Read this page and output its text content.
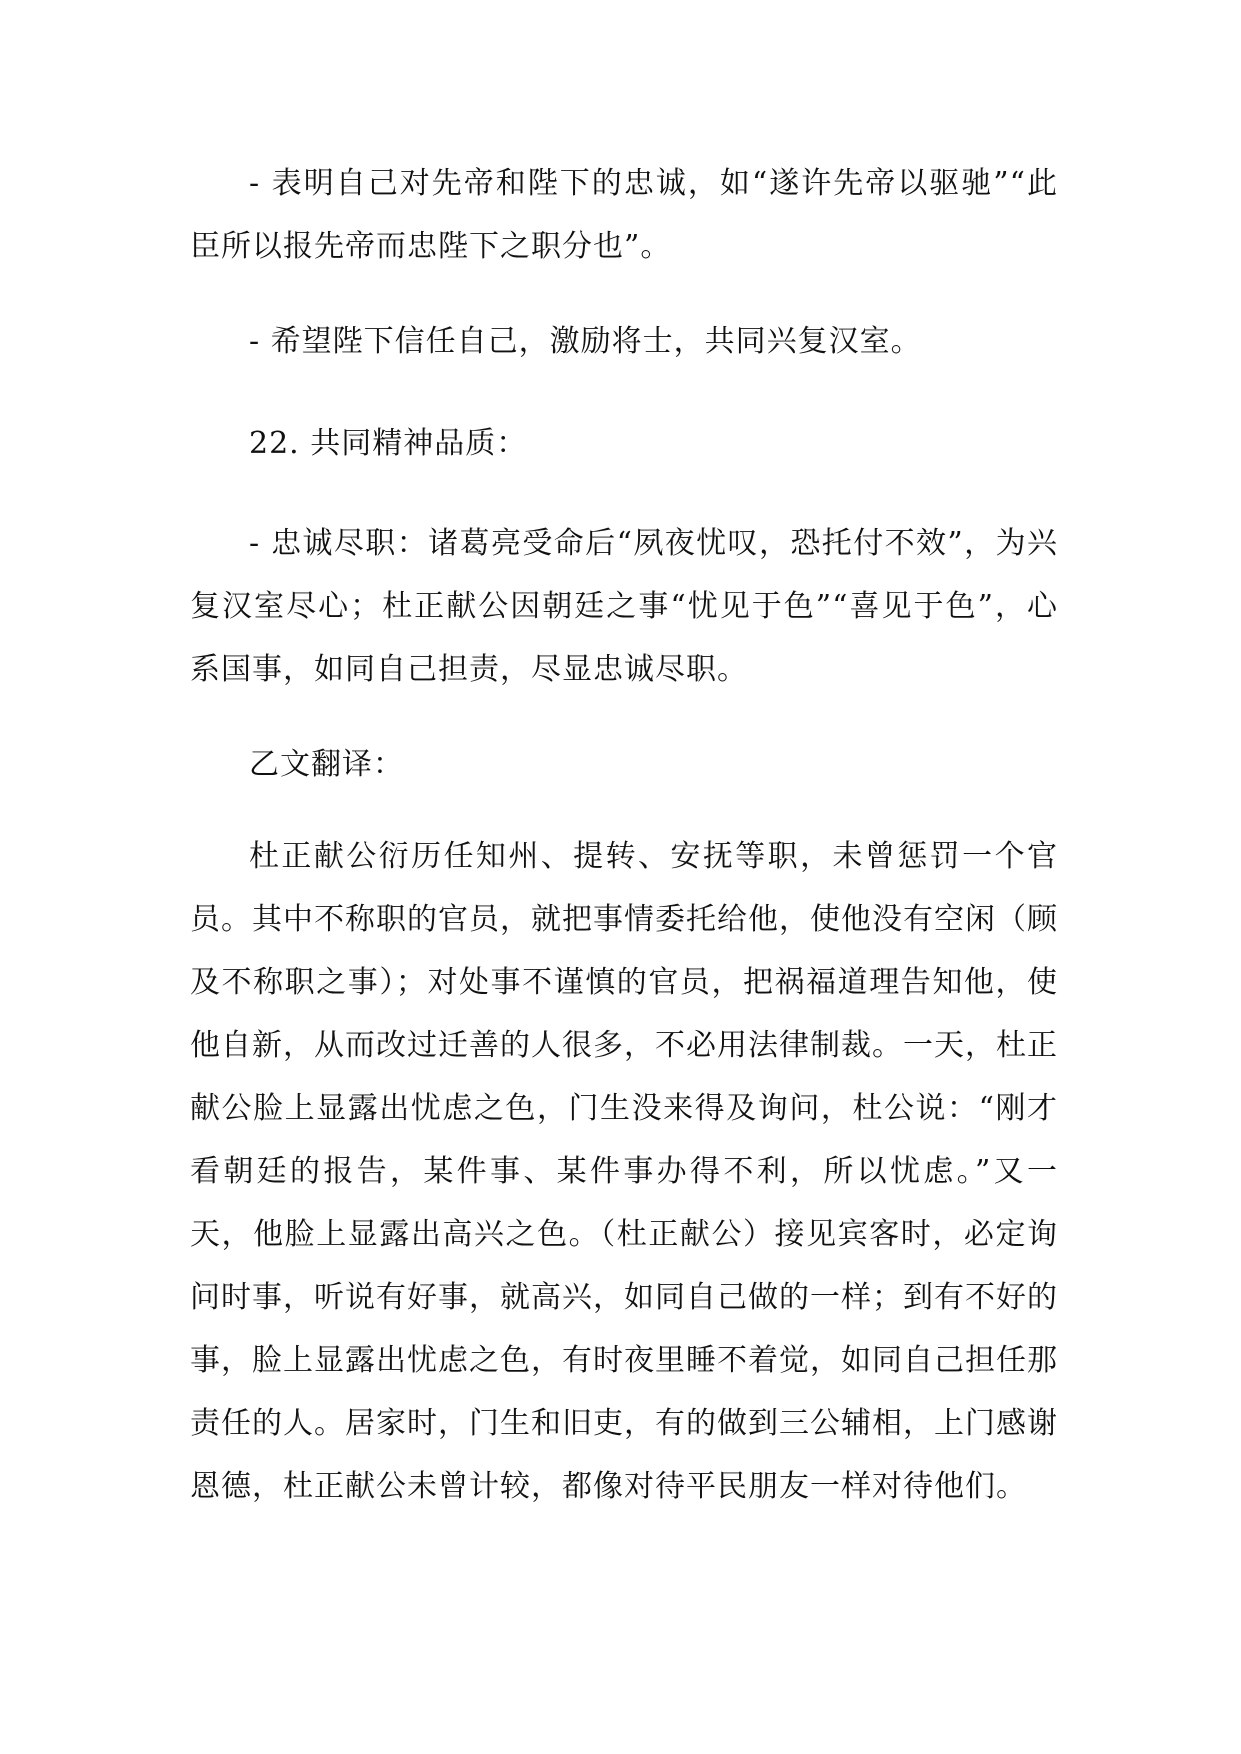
- 表明自己对先帝和陛下的忠诚，如“遂许先帝以驱驰”“此臣所以报先帝而忠陛下之职分也”。

- 希望陛下信任自己，激励将士，共同兴复汉室。

22. 共同精神品质：

- 忠诚尽职：诸葛亮受命后“夙夜忧叹，恐托付不效”，为兴复汉室尽心；杜正献公因朝廷之事“忧见于色”“喜见于色”，心系国事，如同自己担责，尽显忠诚尽职。

乙文翻译：

杜正献公衍历任知州、提转、安抚等职，未曾惩罚一个官员。其中不称职的官员，就把事情委托给他，使他没有空闲（顾及不称职之事）；对处事不谨慎的官员，把祸福道理告知他，使他自新，从而改过迁善的人很多，不必用法律制裁。一天，杜正献公脸上显露出忧虑之色，门生没来得及询问，杜公说：“刚才看朝廷的报告，某件事、某件事办得不利，所以忧虑。”又一天，他脸上显露出高兴之色。（杜正献公）接见宾客时，必定询问时事，听说有好事，就高兴，如同自己做的一样；到有不好的事，脸上显露出忧虑之色，有时夜里睡不着觉，如同自己担任那责任的人。居家时，门生和旧吏，有的做到三公辅相，上门感谢恩德，杜正献公未曾计较，都像对待平民朋友一样对待他们。
